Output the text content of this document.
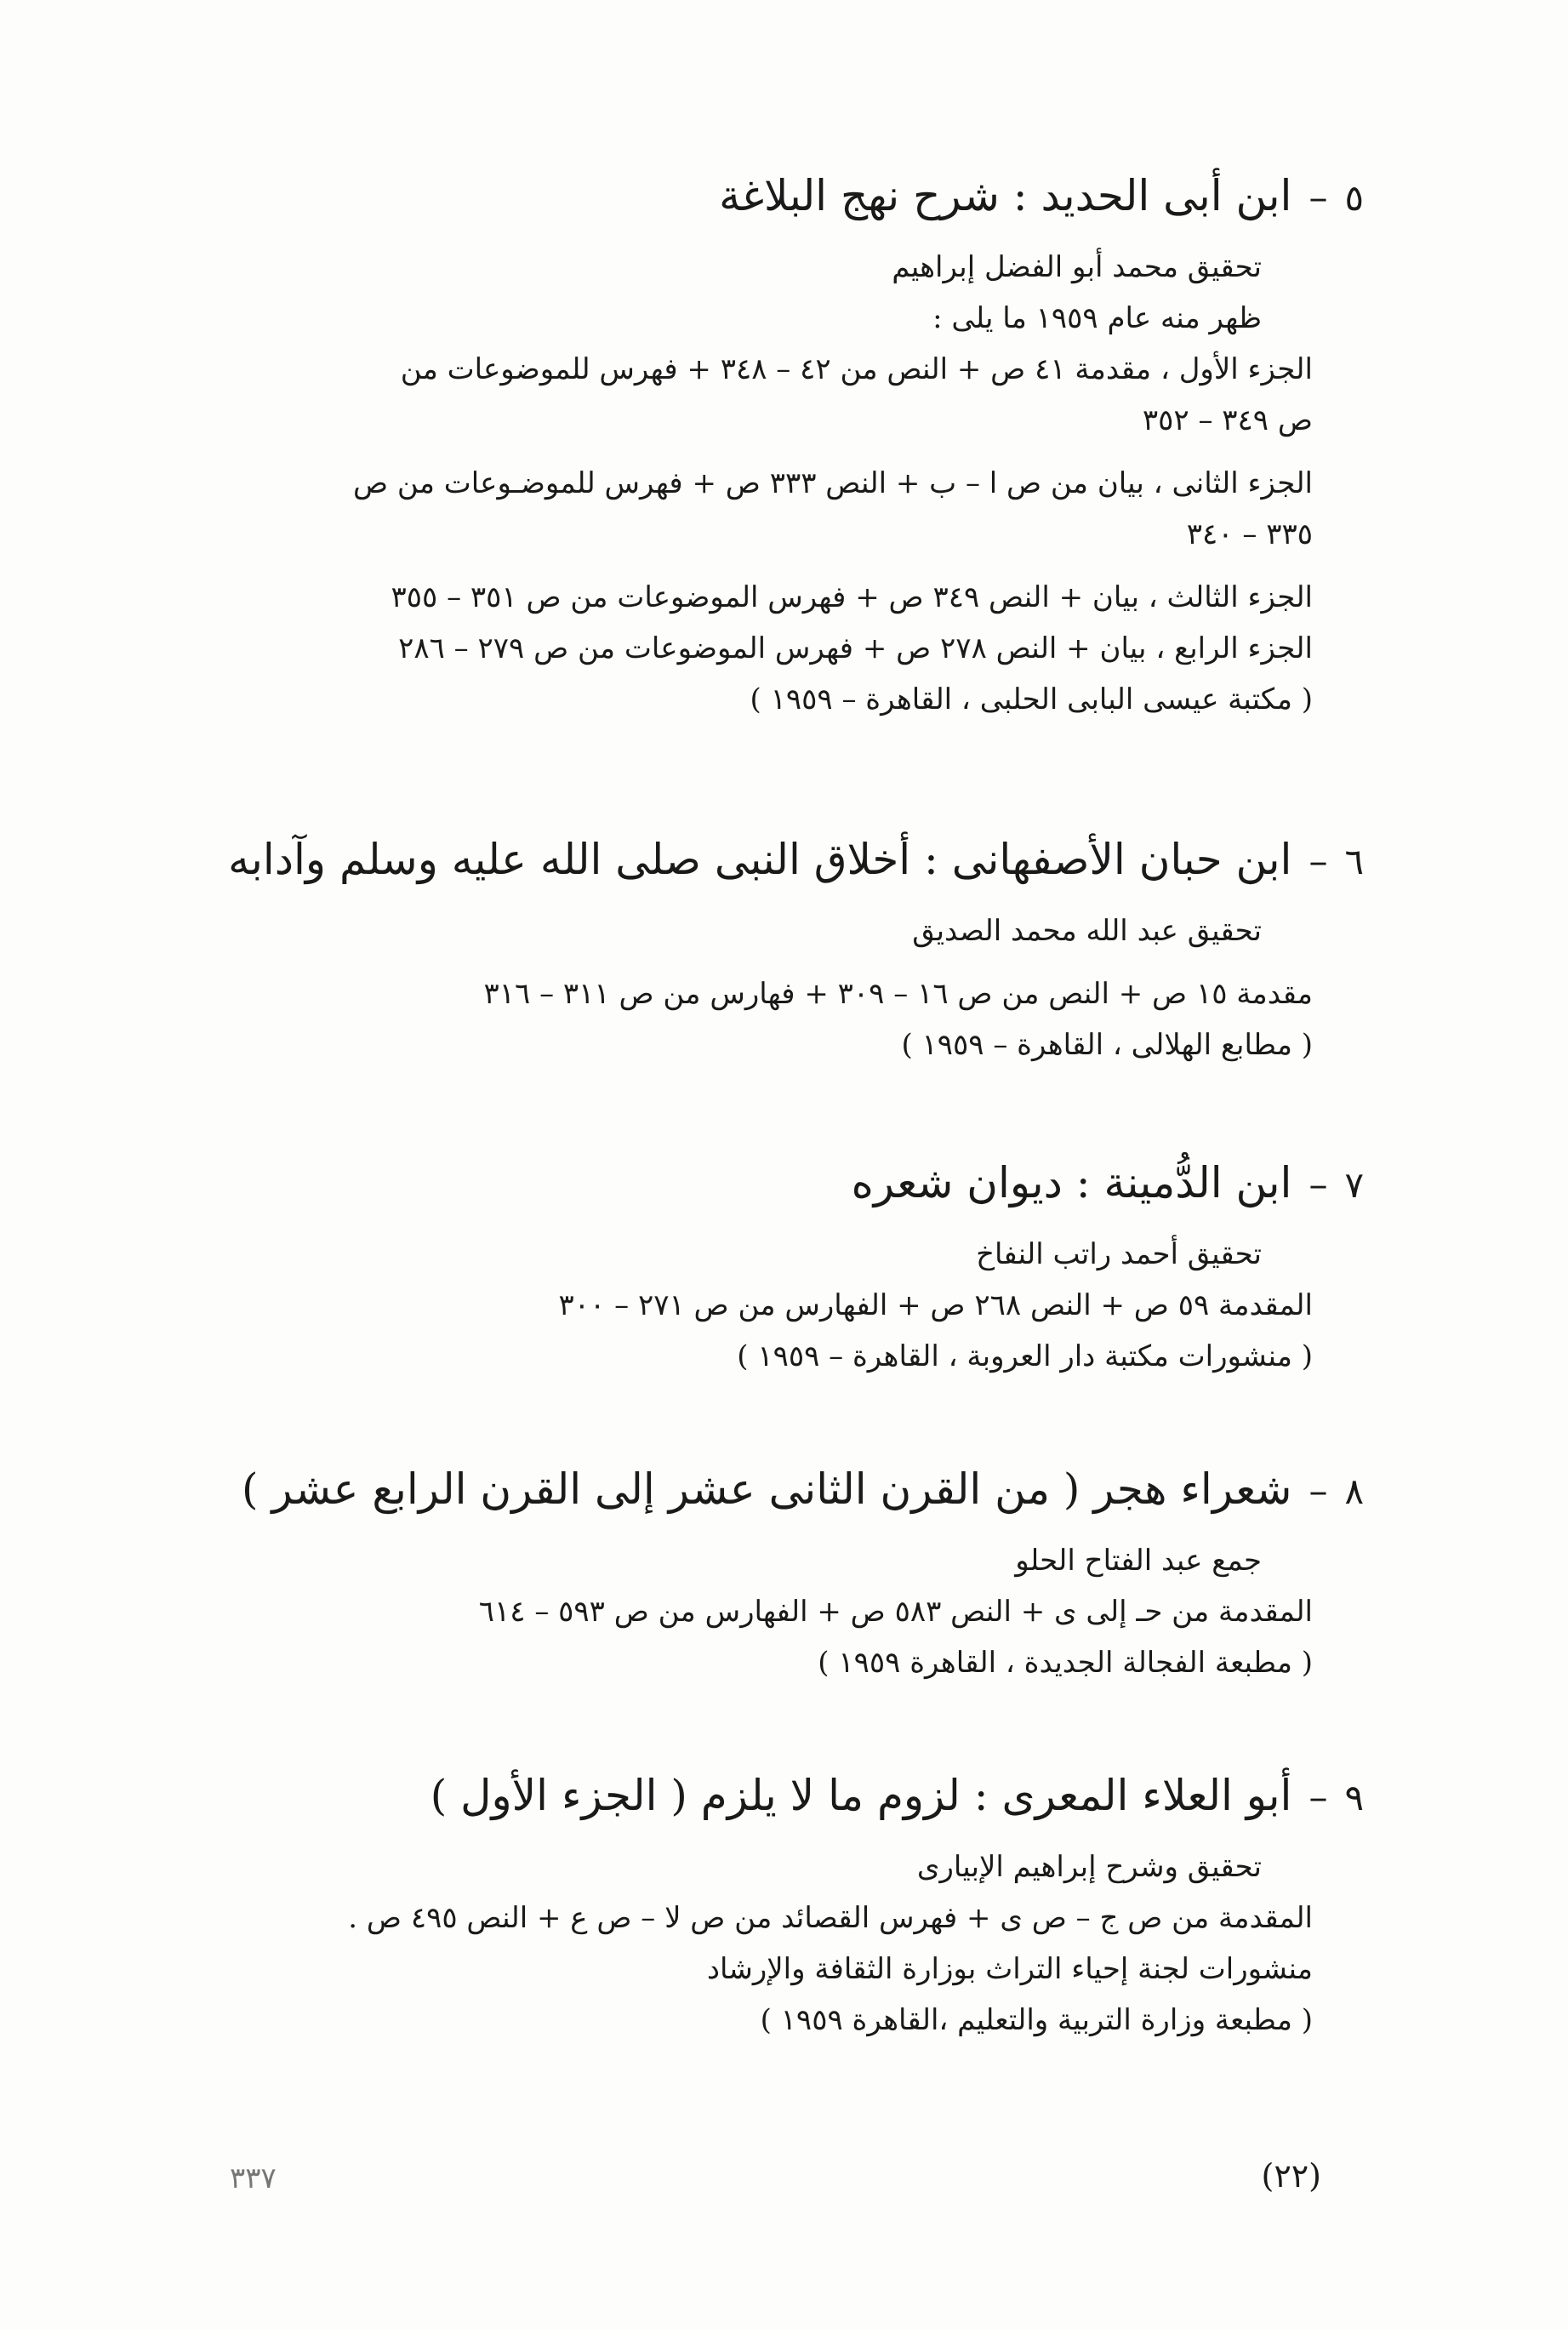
٥
–
ابن أبى الحديد : شرح نهج البلاغة
تحقيق محمد أبو الفضل إبراهيم
ظهر منه عام ١٩٥٩ ما يلى :
الجزء الأول ، مقدمة ٤١ ص + النص من ٤٢ – ٣٤٨ + فهرس للموضوعات من
ص ٣٤٩ – ٣٥٢
الجزء الثانى ، بيان من ص ا – ب + النص ٣٣٣ ص + فهرس للموضـوعات من ص
٣٣٥ – ٣٤٠
الجزء الثالث ، بيان + النص ٣٤٩ ص + فهرس الموضوعات من ص ٣٥١ – ٣٥٥
الجزء الرابع ، بيان + النص ٢٧٨ ص + فهرس الموضوعات من ص ٢٧٩ – ٢٨٦
( مكتبة عيسى البابى الحلبى ، القاهرة – ١٩٥٩ )
٦
–
ابن حبان الأصفهانى : أخلاق النبى صلى الله عليه وسلم وآدابه
تحقيق عبد الله محمد الصديق
مقدمة ١٥ ص + النص من ص ١٦ – ٣٠٩ + فهارس من ص ٣١١ – ٣١٦
( مطابع الهلالى ، القاهرة – ١٩٥٩ )
٧
–
ابن الدُّمينة : ديوان شعره
تحقيق أحمد راتب النفاخ
المقدمة ٥٩ ص + النص ٢٦٨ ص + الفهارس من ص ٢٧١ – ٣٠٠
( منشورات مكتبة دار العروبة ، القاهرة – ١٩٥٩ )
٨
–
شعراء هجر ( من القرن الثانى عشر إلى القرن الرابع عشر )
جمع عبد الفتاح الحلو
المقدمة من حـ إلى ى + النص ٥٨٣ ص + الفهارس من ص ٥٩٣ – ٦١٤
( مطبعة الفجالة الجديدة ، القاهرة ١٩٥٩ )
٩
–
أبو العلاء المعرى : لزوم ما لا يلزم ( الجزء الأول )
تحقيق وشرح إبراهيم الإبيارى
المقدمة من ص ج – ص ى + فهرس القصائد من ص لا – ص ع + النص ٤٩٥ ص .
منشورات لجنة إحياء التراث بوزارة الثقافة والإرشاد
( مطبعة وزارة التربية والتعليم ،القاهرة ١٩٥٩ )
(٢٢)
٣٣٧
